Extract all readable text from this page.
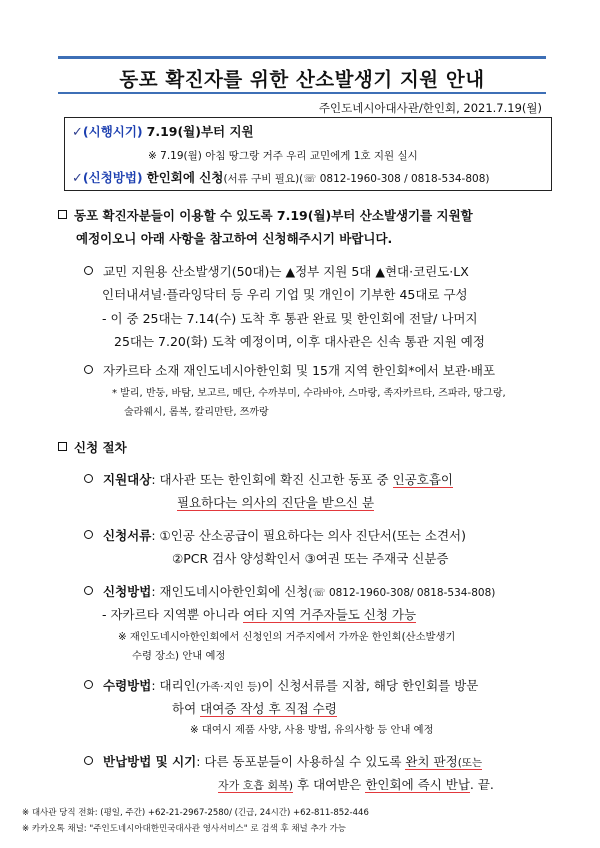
동포 확진자를 위한 산소발생기 지원 안내
주인도네시아대사관/한인회, 2021.7.19(월)
✓(시행시기) 7.19(월)부터 지원
※ 7.19(월) 아침 땅그랑 거주 우리 교민에게 1호 지원 실시
✓(신청방법) 한인회에 신청(서류 구비 필요)(☏ 0812-1960-308 / 0818-534-808)
동포 확진자분들이 이용할 수 있도록 7.19(월)부터 산소발생기를 지원할
예정이오니 아래 사항을 참고하여 신청해주시기 바랍니다.
교민 지원용 산소발생기(50대)는 ▲정부 지원 5대 ▲현대·코린도·LX
인터내셔널·플라잉닥터 등 우리 기업 및 개인이 기부한 45대로 구성
- 이 중 25대는 7.14(수) 도착 후 통관 완료 및 한인회에 전달/ 나머지
25대는 7.20(화) 도착 예정이며, 이후 대사관은 신속 통관 지원 예정
자카르타 소재 재인도네시아한인회 및 15개 지역 한인회*에서 보관·배포
* 발리, 반둥, 바탐, 보고르, 메단, 수까부미, 수라바야, 스마랑, 족자카르타, 즈파라, 땅그랑,
술라웨시, 롬복, 칼리만탄, 쯔까랑
신청 절차
지원대상: 대사관 또는 한인회에 확진 신고한 동포 중 인공호흡이
필요하다는 의사의 진단을 받으신 분
신청서류: ①인공 산소공급이 필요하다는 의사 진단서(또는 소견서)
②PCR 검사 양성확인서 ③여권 또는 주재국 신분증
신청방법: 재인도네시아한인회에 신청(☏ 0812-1960-308/ 0818-534-808)
- 자카르타 지역뿐 아니라 여타 지역 거주자들도 신청 가능
※ 재인도네시아한인회에서 신청인의 거주지에서 가까운 한인회(산소발생기
수령 장소) 안내 예정
수령방법: 대리인(가족·지인 등)이 신청서류를 지참, 해당 한인회를 방문
하여 대여증 작성 후 직접 수령
※ 대여시 제품 사양, 사용 방법, 유의사항 등 안내 예정
반납방법 및 시기: 다른 동포분들이 사용하실 수 있도록 완치 판정(또는
자가 호흡 회복) 후 대여받은 한인회에 즉시 반납. 끝.
※ 대사관 당직 전화: (평일, 주간) +62-21-2967-2580/ (긴급, 24시간) +62-811-852-446
※ 카카오톡 채널: "주인도네시아대한민국대사관 영사서비스" 로 검색 후 채널 추가 가능
